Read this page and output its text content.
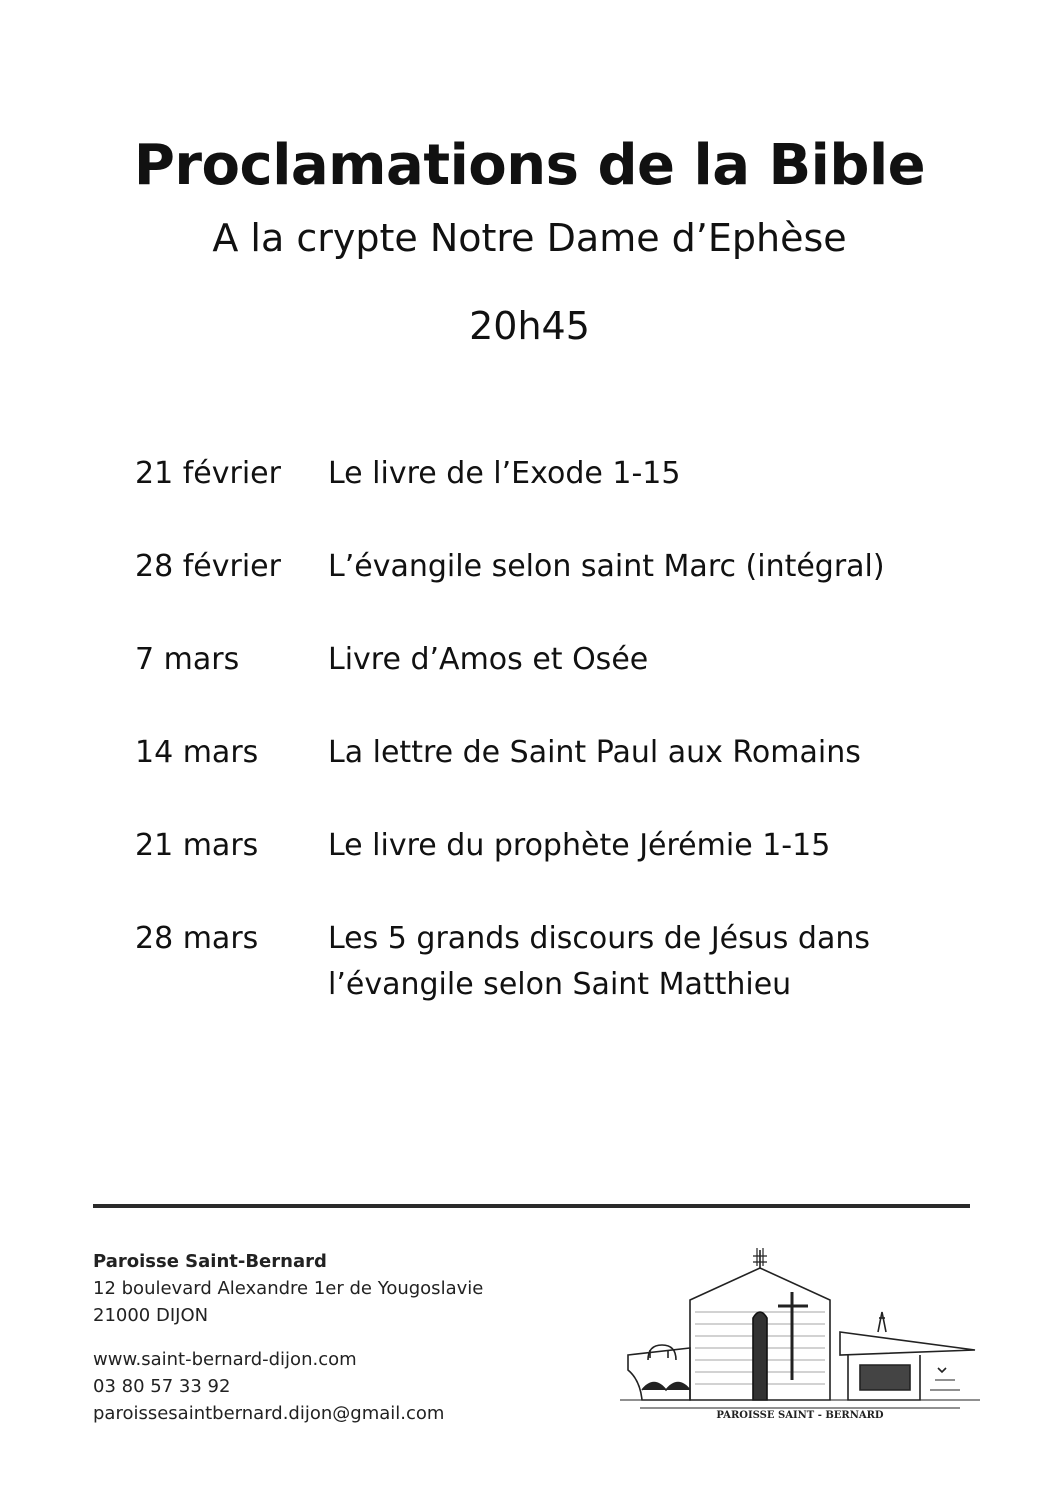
Proclamations de la Bible
A la crypte Notre Dame d’Ephèse
20h45
21 février	Le livre de l’Exode 1-15
28 février	L’évangile selon saint Marc (intégral)
7 mars	Livre d’Amos et Osée
14 mars	La lettre de Saint Paul aux Romains
21 mars	Le livre du prophète Jérémie 1-15
28 mars	Les 5 grands discours de Jésus dans l’évangile selon Saint Matthieu
Paroisse Saint-Bernard
12 boulevard Alexandre 1er de Yougoslavie
21000 DIJON
www.saint-bernard-dijon.com
03 80 57 33 92
paroissesaintbernard.dijon@gmail.com	PAROISSE SAINT - BERNARD
